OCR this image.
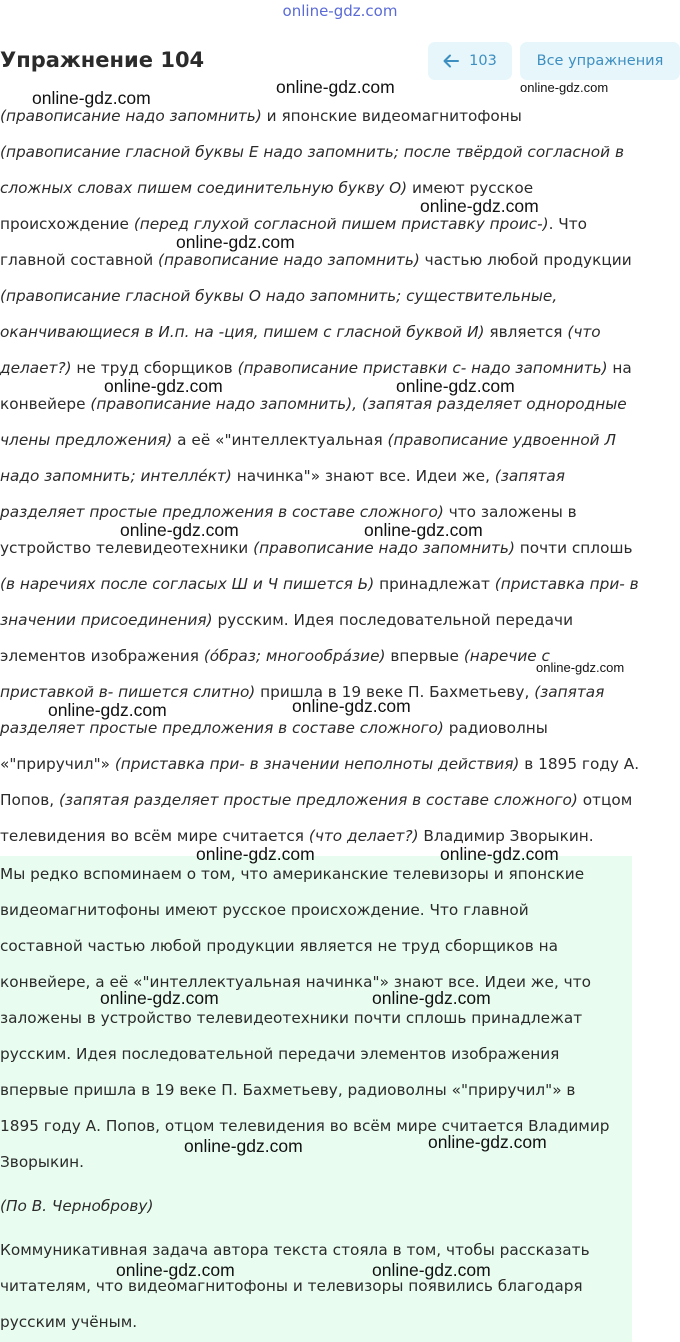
online-gdz.com
Упражнение 104	103	Все упражнения
(правописание надо запомнить) и японские видеомагнитофоны
(правописание гласной буквы Е надо запомнить; после твёрдой согласной в
сложных словах пишем соединительную букву О) имеют русское
происхождение (перед глухой согласной пишем приставку проис-). Что
главной составной (правописание надо запомнить) частью любой продукции
(правописание гласной буквы О надо запомнить; существительные,
оканчивающиеся в И.п. на -ция, пишем с гласной буквой И) является (что
делает?) не труд сборщиков (правописание приставки с- надо запомнить) на
конвейере (правописание надо запомнить), (запятая разделяет однородные
члены предложения) а её «"интеллектуальная (правописание удвоенной Л
надо запомнить; интеллéкт) начинка"» знают все. Идеи же, (запятая
разделяет простые предложения в составе сложного) что заложены в
устройство телевидеотехники (правописание надо запомнить) почти сплошь
(в наречиях после согласых Ш и Ч пишется Ь) принадлежат (приставка при- в
значении присоединения) русским. Идея последовательной передачи
элементов изображения (óбраз; многообрáзие) впервые (наречие с
приставкой в- пишется слитно) пришла в 19 веке П. Бахметьеву, (запятая
разделяет простые предложения в составе сложного) радиоволны
«"приручил"» (приставка при- в значении неполноты действия) в 1895 году А.
Попов, (запятая разделяет простые предложения в составе сложного) отцом
телевидения во всём мире считается (что делает?) Владимир Зворыкин.
Мы редко вспоминаем о том, что американские телевизоры и японские
видеомагнитофоны имеют русское происхождение. Что главной
составной частью любой продукции является не труд сборщиков на
конвейере, а её «"интеллектуальная начинка"» знают все. Идеи же, что
заложены в устройство телевидеотехники почти сплошь принадлежат
русским. Идея последовательной передачи элементов изображения
впервые пришла в 19 веке П. Бахметьеву, радиоволны «"приручил"» в
1895 году А. Попов, отцом телевидения во всём мире считается Владимир
Зворыкин.
(По В. Черноброву)
Коммуникативная задача автора текста стояла в том, чтобы рассказать
читателям, что видеомагнитофоны и телевизоры появились благодаря
русским учёным.
online-gdz.com	online-gdz.com
online-gdz.com
online-gdz.com
online-gdz.com
online-gdz.com	online-gdz.com
online-gdz.com	online-gdz.com
online-gdz.com
online-gdz.com
online-gdz.com
online-gdz.com	online-gdz.com
online-gdz.com	online-gdz.com
online-gdz.com
online-gdz.com
online-gdz.com	online-gdz.com
